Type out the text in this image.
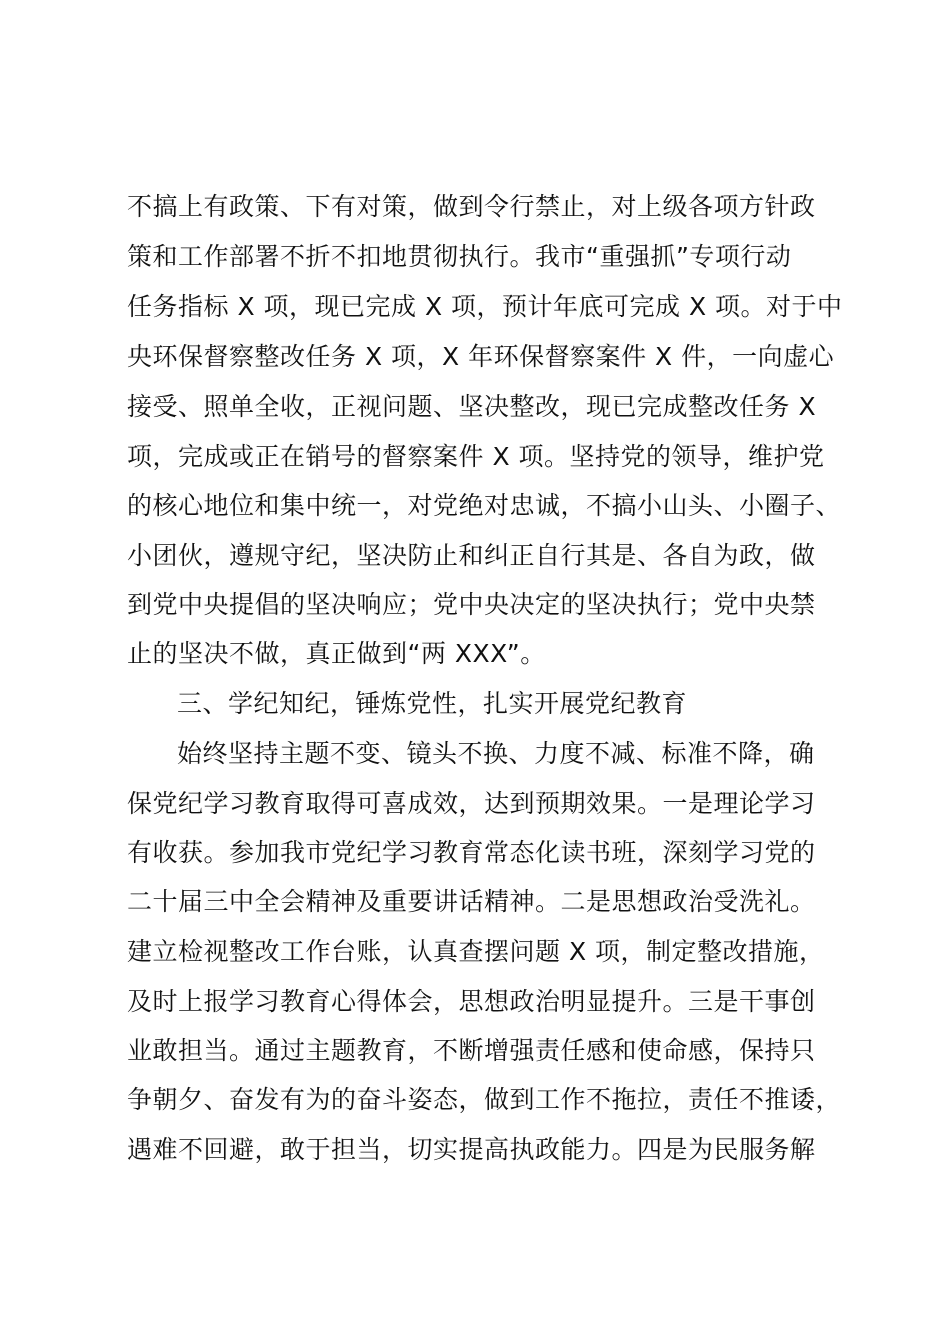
不搞上有政策、下有对策，做到令行禁止，对上级各项方针政
策和工作部署不折不扣地贯彻执行。我市“重强抓”专项行动
任务指标 X 项，现已完成 X 项，预计年底可完成 X 项。对于中
央环保督察整改任务 X 项，X 年环保督察案件 X 件，一向虚心
接受、照单全收，正视问题、坚决整改，现已完成整改任务 X
项，完成或正在销号的督察案件 X 项。坚持党的领导，维护党
的核心地位和集中统一，对党绝对忠诚，不搞小山头、小圈子、
小团伙，遵规守纪，坚决防止和纠正自行其是、各自为政，做
到党中央提倡的坚决响应；党中央决定的坚决执行；党中央禁
止的坚决不做，真正做到“两 XXX”。
三、学纪知纪，锤炼党性，扎实开展党纪教育
始终坚持主题不变、镜头不换、力度不减、标准不降，确
保党纪学习教育取得可喜成效，达到预期效果。一是理论学习
有收获。参加我市党纪学习教育常态化读书班，深刻学习党的
二十届三中全会精神及重要讲话精神。二是思想政治受洗礼。
建立检视整改工作台账，认真查摆问题 X 项，制定整改措施，
及时上报学习教育心得体会，思想政治明显提升。三是干事创
业敢担当。通过主题教育，不断增强责任感和使命感，保持只
争朝夕、奋发有为的奋斗姿态，做到工作不拖拉，责任不推诿，
遇难不回避，敢于担当，切实提高执政能力。四是为民服务解
